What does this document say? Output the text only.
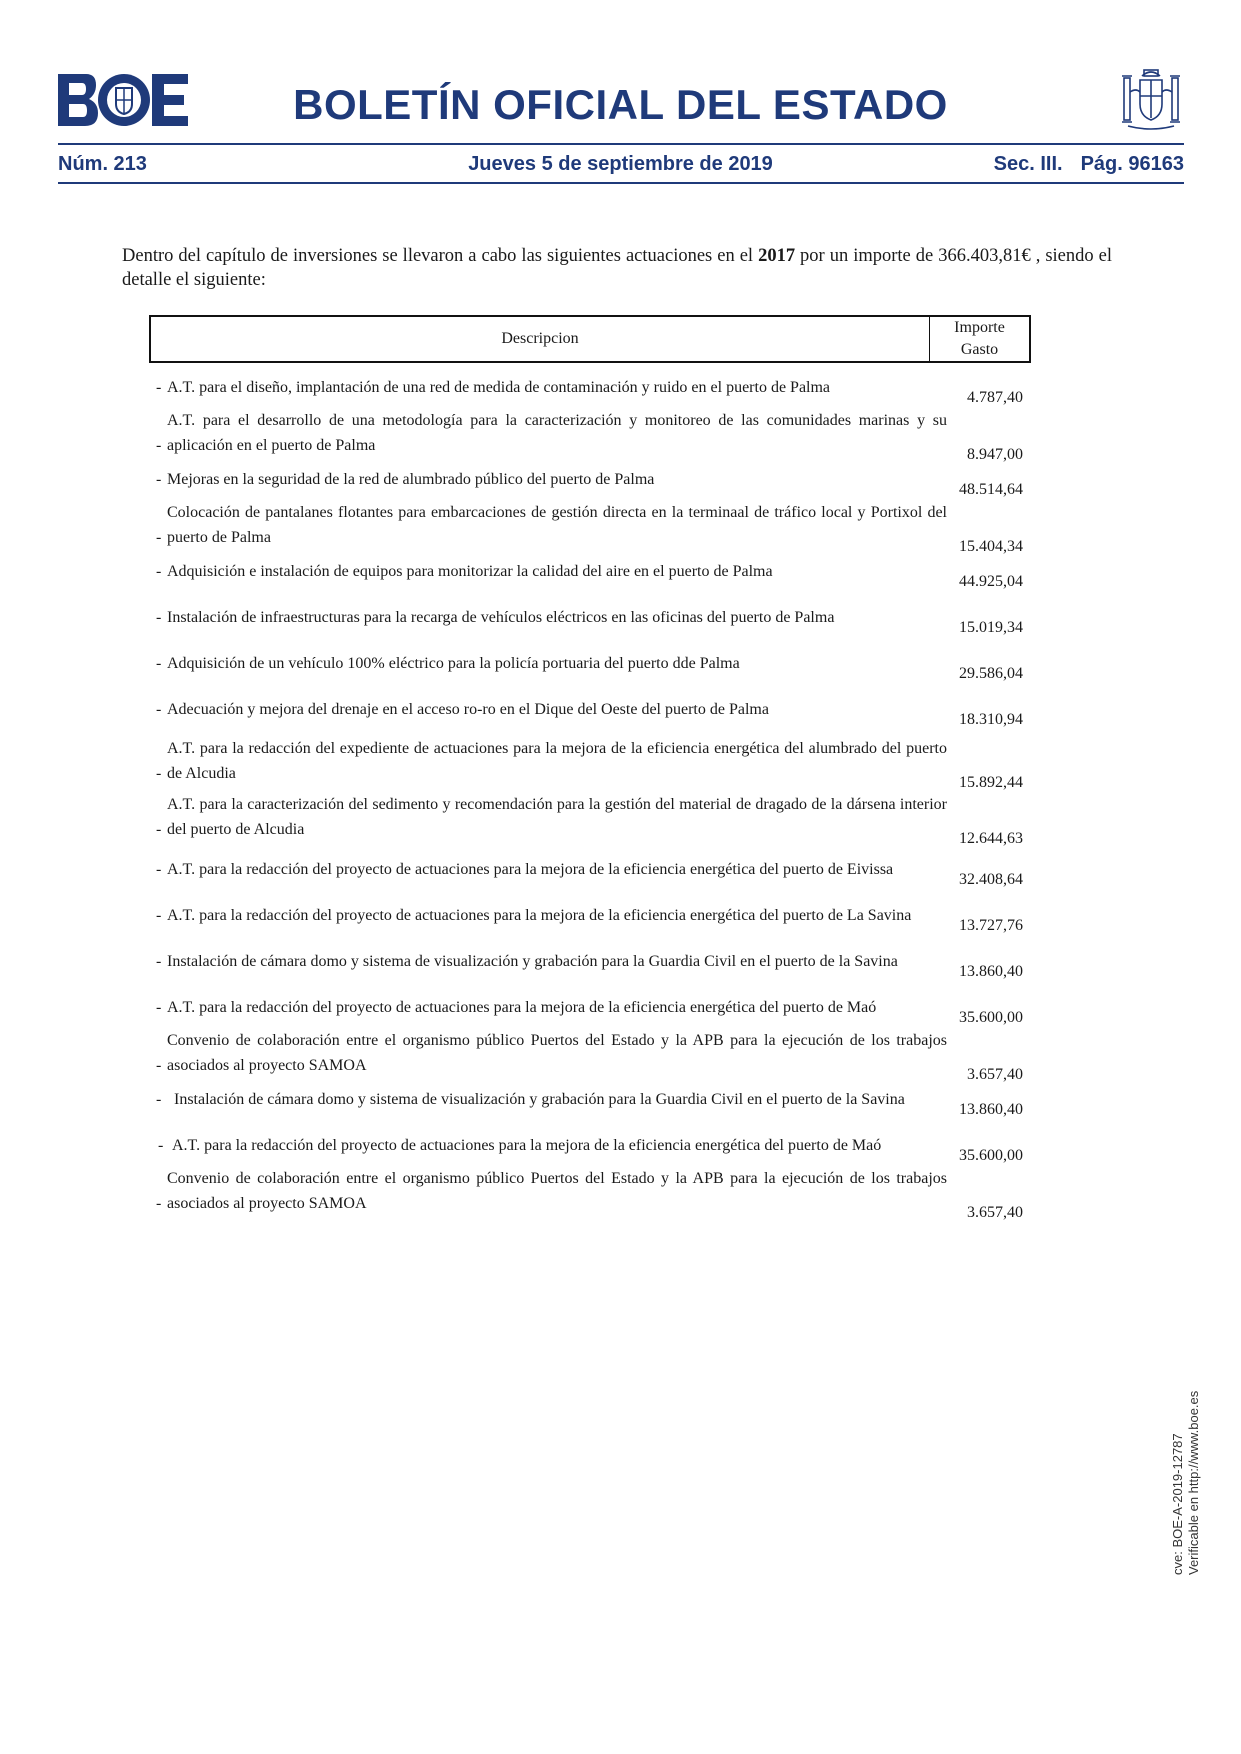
BOLETÍN OFICIAL DEL ESTADO
Núm. 213	Jueves 5 de septiembre de 2019	Sec. III. Pág. 96163
Dentro del capítulo de inversiones se llevaron a cabo las siguientes actuaciones en el 2017 por un importe de 366.403,81€ , siendo el detalle el siguiente:
Descripcion
Importe
Gasto
- A.T. para el diseño, implantación de una red de medida de contaminación y ruido en el puerto de Palma
4.787,40
-
A.T. para el desarrollo de una metodología para la caracterización y monitoreo de las comunidades marinas y su aplicación en el puerto de Palma
8.947,00
- Mejoras en la seguridad de la red de alumbrado público del puerto de Palma
48.514,64
-
Colocación de pantalanes flotantes para embarcaciones de gestión directa en la terminaal de tráfico local y Portixol del puerto de Palma
15.404,34
- Adquisición e instalación de equipos para monitorizar la calidad del aire en el puerto de Palma
44.925,04
- Instalación de infraestructuras para la recarga de vehículos eléctricos en las oficinas del puerto de Palma
15.019,34
- Adquisición de un vehículo 100% eléctrico para la policía portuaria del puerto dde Palma
29.586,04
- Adecuación y mejora del drenaje en el acceso ro-ro en el Dique del Oeste del puerto de Palma
18.310,94
-
A.T. para la redacción del expediente de actuaciones para la mejora de la eficiencia energética del alumbrado del puerto de Alcudia
15.892,44
-
A.T. para la caracterización del sedimento y recomendación para la gestión del material de dragado de la dársena interior del puerto de Alcudia
12.644,63
- A.T. para la redacción del proyecto de actuaciones para la mejora de la eficiencia energética del puerto de Eivissa
32.408,64
- A.T. para la redacción del proyecto de actuaciones para la mejora de la eficiencia energética del puerto de La Savina
13.727,76
- Instalación de cámara domo y sistema de visualización y grabación para la Guardia Civil en el puerto de la Savina
13.860,40
- A.T. para la redacción del proyecto de actuaciones para la mejora de la eficiencia energética del puerto de Maó
35.600,00
-
Convenio de colaboración entre el organismo público Puertos del Estado y la APB para la ejecución de los trabajos asociados al proyecto SAMOA
3.657,40
- Instalación de cámara domo y sistema de visualización y grabación para la Guardia Civil en el puerto de la Savina
13.860,40
- A.T. para la redacción del proyecto de actuaciones para la mejora de la eficiencia energética del puerto de Maó
35.600,00
-
Convenio de colaboración entre el organismo público Puertos del Estado y la APB para la ejecución de los trabajos asociados al proyecto SAMOA
3.657,40
cve: BOE-A-2019-12787 Verificable en http://www.boe.es
